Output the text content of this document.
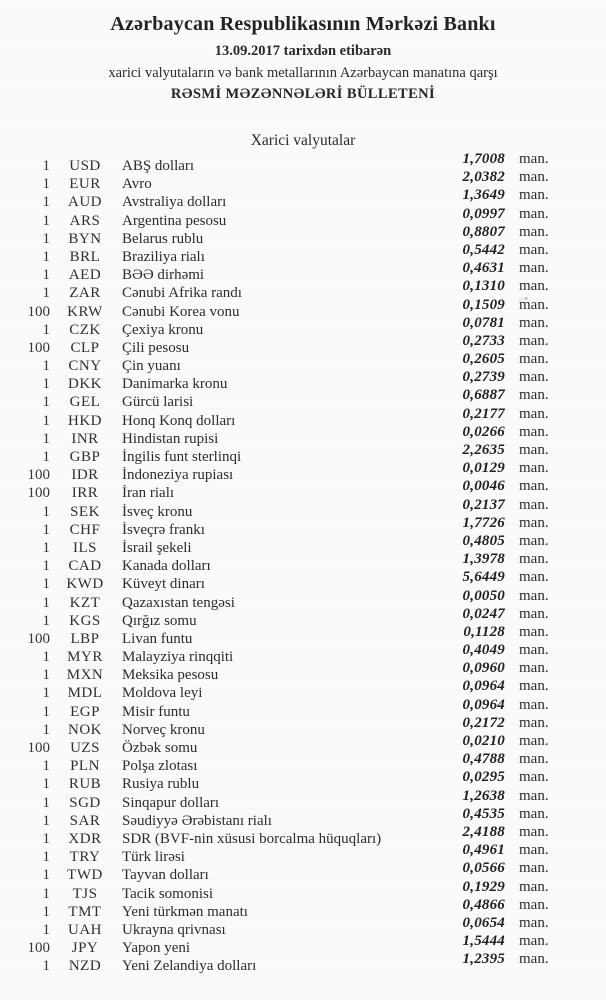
Azərbaycan Respublikasının Mərkəzi Bankı
13.09.2017 tarixdən etibarən
xarici valyutaların və bank metallarının Azərbaycan manatına qarşı
RƏSMİ MƏZƏNNƏLƏRİ BÜLLETENİ
Xarici valyutalar
1	USD	ABŞ dolları	1,7008 man.
1	EUR	Avro	2,0382 man.
1	AUD	Avstraliya dolları	1,3649 man.
1	ARS	Argentina pesosu	0,0997 man.
1	BYN	Belarus rublu	0,8807 man.
1	BRL	Braziliya rialı	0,5442 man.
1	AED	BƏƏ dirhəmi	0,4631 man.
1	ZAR	Cənubi Afrika randı	0,1310 man.
100	KRW	Cənubi Korea vonu	0,1509 man.
1	CZK	Çexiya kronu	0,0781 man.
100	CLP	Çili pesosu	0,2733 man.
1	CNY	Çin yuanı	0,2605 man.
1	DKK	Danimarka kronu	0,2739 man.
1	GEL	Gürcü larisi	0,6887 man.
1	HKD	Honq Konq dolları	0,2177 man.
1	INR	Hindistan rupisi	0,0266 man.
1	GBP	İngilis funt sterlinqi	2,2635 man.
100	IDR	İndoneziya rupiası	0,0129 man.
100	IRR	İran rialı	0,0046 man.
1	SEK	İsveç kronu	0,2137 man.
1	CHF	İsveçrə frankı	1,7726 man.
1	ILS	İsrail şekeli	0,4805 man.
1	CAD	Kanada dolları	1,3978 man.
1	KWD	Küveyt dinarı	5,6449 man.
1	KZT	Qazaxıstan tengəsi	0,0050 man.
1	KGS	Qırğız somu	0,0247 man.
100	LBP	Livan funtu	0,1128 man.
1	MYR	Malayziya rinqqiti	0,4049 man.
1	MXN	Meksika pesosu	0,0960 man.
1	MDL	Moldova leyi	0,0964 man.
1	EGP	Misir funtu	0,0964 man.
1	NOK	Norveç kronu	0,2172 man.
100	UZS	Özbək somu	0,0210 man.
1	PLN	Polşa zlotası	0,4788 man.
1	RUB	Rusiya rublu	0,0295 man.
1	SGD	Sinqapur dolları	1,2638 man.
1	SAR	Səudiyyə Ərəbistanı rialı	0,4535 man.
1	XDR	SDR (BVF-nin xüsusi borcalma hüquqları)	2,4188 man.
1	TRY	Türk lirəsi	0,4961 man.
1	TWD	Tayvan dolları	0,0566 man.
1	TJS	Tacik somonisi	0,1929 man.
1	TMT	Yeni türkmən manatı	0,4866 man.
1	UAH	Ukrayna qrivnası	0,0654 man.
100	JPY	Yapon yeni	1,5444 man.
1	NZD	Yeni Zelandiya dolları	1,2395 man.
